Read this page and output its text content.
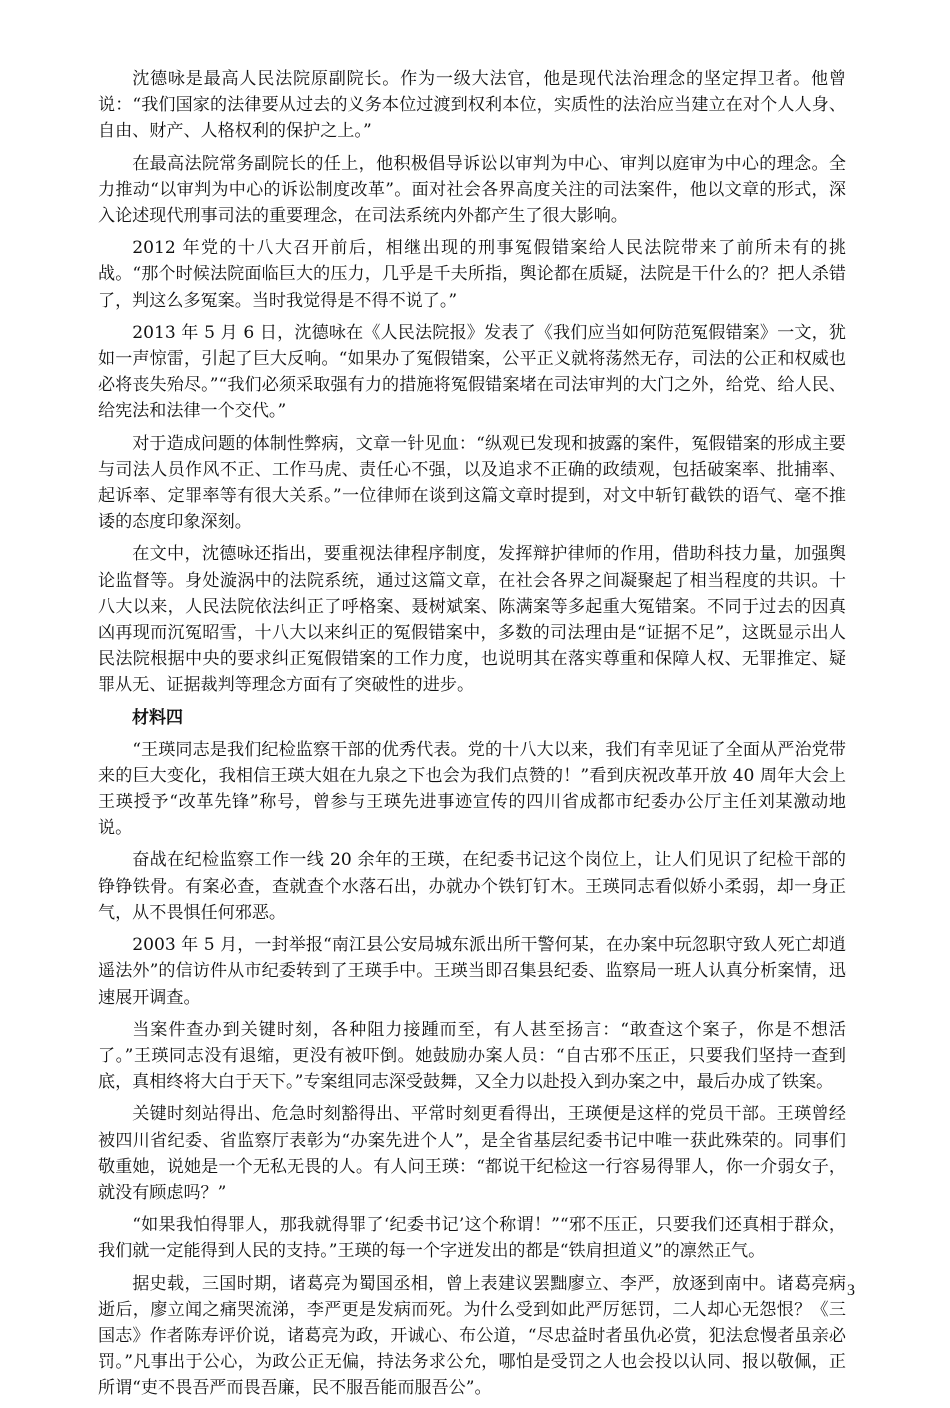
沈德咏是最高人民法院原副院长。作为一级大法官，他是现代法治理念的坚定捍卫者。他曾说：“我们国家的法律要从过去的义务本位过渡到权利本位，实质性的法治应当建立在对个人人身、自由、财产、人格权利的保护之上。”

在最高法院常务副院长的任上，他积极倡导诉讼以审判为中心、审判以庭审为中心的理念。全力推动“以审判为中心的诉讼制度改革”。面对社会各界高度关注的司法案件，他以文章的形式，深入论述现代刑事司法的重要理念，在司法系统内外都产生了很大影响。

2012 年党的十八大召开前后，相继出现的刑事冤假错案给人民法院带来了前所未有的挑战。“那个时候法院面临巨大的压力，几乎是千夫所指，舆论都在质疑，法院是干什么的？把人杀错了，判这么多冤案。当时我觉得是不得不说了。”

2013 年 5 月 6 日，沈德咏在《人民法院报》发表了《我们应当如何防范冤假错案》一文，犹如一声惊雷，引起了巨大反响。“如果办了冤假错案，公平正义就将荡然无存，司法的公正和权威也必将丧失殆尽。”“我们必须采取强有力的措施将冤假错案堵在司法审判的大门之外，给党、给人民、给宪法和法律一个交代。”

对于造成问题的体制性弊病，文章一针见血：“纵观已发现和披露的案件，冤假错案的形成主要与司法人员作风不正、工作马虎、责任心不强，以及追求不正确的政绩观，包括破案率、批捕率、起诉率、定罪率等有很大关系。”一位律师在谈到这篇文章时提到，对文中斩钉截铁的语气、毫不推诿的态度印象深刻。

在文中，沈德咏还指出，要重视法律程序制度，发挥辩护律师的作用，借助科技力量，加强舆论监督等。身处漩涡中的法院系统，通过这篇文章，在社会各界之间凝聚起了相当程度的共识。十八大以来，人民法院依法纠正了呼格案、聂树斌案、陈满案等多起重大冤错案。不同于过去的因真凶再现而沉冤昭雪，十八大以来纠正的冤假错案中，多数的司法理由是“证据不足”，这既显示出人民法院根据中央的要求纠正冤假错案的工作力度，也说明其在落实尊重和保障人权、无罪推定、疑罪从无、证据裁判等理念方面有了突破性的进步。

材料四

“王瑛同志是我们纪检监察干部的优秀代表。党的十八大以来，我们有幸见证了全面从严治党带来的巨大变化，我相信王瑛大姐在九泉之下也会为我们点赞的！”看到庆祝改革开放 40 周年大会上王瑛授予“改革先锋”称号，曾参与王瑛先进事迹宣传的四川省成都市纪委办公厅主任刘某激动地说。

奋战在纪检监察工作一线 20 余年的王瑛，在纪委书记这个岗位上，让人们见识了纪检干部的铮铮铁骨。有案必查，查就查个水落石出，办就办个铁钉钉木。王瑛同志看似娇小柔弱，却一身正气，从不畏惧任何邪恶。

2003 年 5 月，一封举报“南江县公安局城东派出所干警何某，在办案中玩忽职守致人死亡却逍遥法外”的信访件从市纪委转到了王瑛手中。王瑛当即召集县纪委、监察局一班人认真分析案情，迅速展开调查。

当案件查办到关键时刻，各种阻力接踵而至，有人甚至扬言：“敢查这个案子，你是不想活了。”王瑛同志没有退缩，更没有被吓倒。她鼓励办案人员：“自古邪不压正，只要我们坚持一查到底，真相终将大白于天下。”专案组同志深受鼓舞，又全力以赴投入到办案之中，最后办成了铁案。

关键时刻站得出、危急时刻豁得出、平常时刻更看得出，王瑛便是这样的党员干部。王瑛曾经被四川省纪委、省监察厅表彰为“办案先进个人”，是全省基层纪委书记中唯一获此殊荣的。同事们敬重她，说她是一个无私无畏的人。有人问王瑛：“都说干纪检这一行容易得罪人，你一介弱女子，就没有顾虑吗？”

“如果我怕得罪人，那我就得罪了‘纪委书记’这个称谓！”“邪不压正，只要我们还真相于群众，我们就一定能得到人民的支持。”王瑛的每一个字迸发出的都是“铁肩担道义”的凛然正气。

据史载，三国时期，诸葛亮为蜀国丞相，曾上表建议罢黜廖立、李严，放逐到南中。诸葛亮病逝后，廖立闻之痛哭流涕，李严更是发病而死。为什么受到如此严厉惩罚，二人却心无怨恨？《三国志》作者陈寿评价说，诸葛亮为政，开诚心、布公道，“尽忠益时者虽仇必赏，犯法怠慢者虽亲必罚。”凡事出于公心，为政公正无偏，持法务求公允，哪怕是受罚之人也会投以认同、报以敬佩，正所谓“吏不畏吾严而畏吾廉，民不服吾能而服吾公”。

3
